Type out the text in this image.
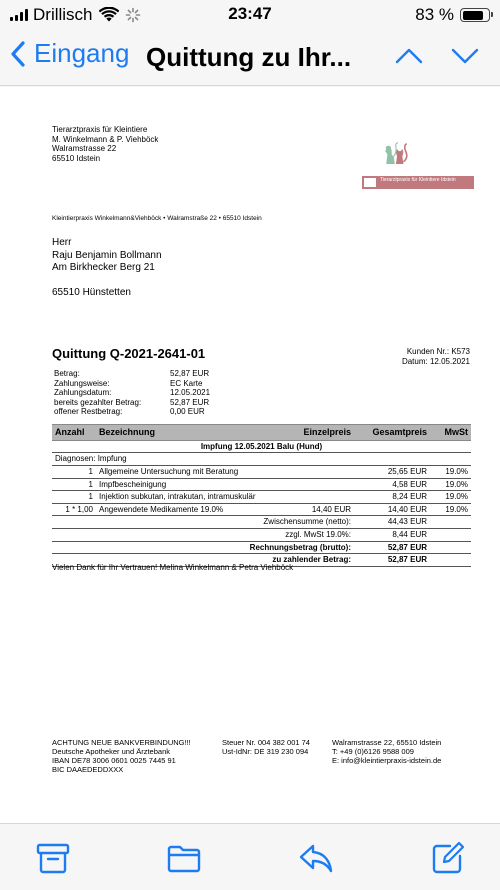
Drillisch	23:47	83 %
Eingang Quittung zu Ihr...
Tierarztpraxis für Kleintiere
M. Winkelmann & P. Viehböck
Walramstrasse 22
65510 Idstein
Tierarztpraxis für Kleintiere Idstein
Kleintierpraxis Winkelmann&Viehböck • Walramstraße 22 • 65510 Idstein
Herr
Raju Benjamin Bollmann
Am Birkhecker Berg 21
65510 Hünstetten
Quittung Q-2021-2641-01	Kunden Nr.: K573
Datum: 12.05.2021
Betrag:	52,87 EUR
Zahlungsweise:	EC Karte
Zahlungsdatum:	12.05.2021
bereits gezahlter Betrag:	52,87 EUR
offener Restbetrag:	0,00 EUR
Anzahl	Bezeichnung	Einzelpreis	Gesamtpreis	MwSt
Impfung 12.05.2021 Balu (Hund)				
Diagnosen: Impfung				
1	Allgemeine Untersuchung mit Beratung		25,65 EUR	19.0%
1	Impfbescheinigung		4,58 EUR	19.0%
1	Injektion subkutan, intrakutan, intramuskulär		8,24 EUR	19.0%
1 * 1,00	Angewendete Medikamente 19.0%	14,40 EUR	14,40 EUR	19.0%
Zwischensumme (netto):			44,43 EUR	
zzgl. MwSt 19.0%:			8,44 EUR	
Rechnungsbetrag (brutto):			52,87 EUR	
zu zahlender Betrag:			52,87 EUR	
Vielen Dank für Ihr Vertrauen! Melina Winkelmann & Petra Viehböck
ACHTUNG NEUE BANKVERBINDUNG!!!
Deutsche Apotheker und Ärztebank
IBAN DE78 3006 0601 0025 7445 91
BIC DAAEDEDDXXX
Steuer Nr. 004 382 001 74
Ust-IdNr: DE 319 230 094
Walramstrasse 22, 65510 Idstein
T: +49 (0)6126 9588 009
E: info@kleintierpraxis-idstein.de
